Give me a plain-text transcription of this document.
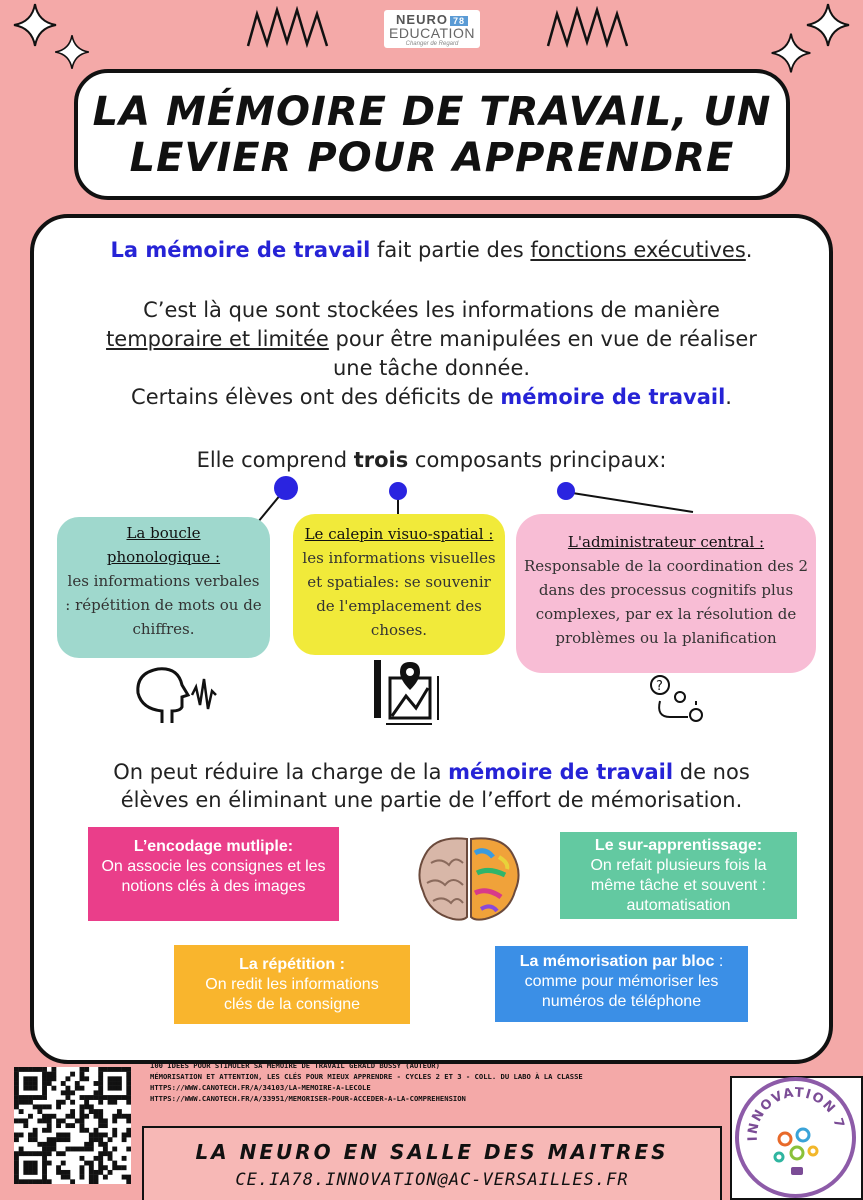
NEURO 78
EDUCATION
Changer de Regard
LA MÉMOIRE DE TRAVAIL, UN
LEVIER POUR APPRENDRE
La mémoire de travail fait partie des fonctions exécutives.
C’est là que sont stockées les informations de manière
temporaire et limitée pour être manipulées en vue de réaliser
une tâche donnée.
Certains élèves ont des déficits de mémoire de travail.
Elle comprend trois composants principaux:
La boucle phonologique :
les informations verbales : répétition de mots ou de chiffres.
Le calepin visuo-spatial :
les informations visuelles et spatiales: se souvenir de l'emplacement des choses.
L'administrateur central :
Responsable de la coordination des 2 dans des processus cognitifs plus complexes, par ex la résolution de problèmes ou la planification
?
On peut réduire la charge de la mémoire de travail de nos
élèves en éliminant une partie de l’effort de mémorisation.
L’encodage mutliple:
On associe les consignes et les notions clés à des images
Le sur-apprentissage:
On refait plusieurs fois la même tâche et souvent : automatisation
La répétition :
On redit les informations clés de la consigne
La mémorisation par bloc :
comme pour mémoriser les numéros de téléphone
100 IDÉES POUR STIMULER SA MÉMOIRE DE TRAVAIL GÉRALD BUSSY (AUTEUR)
MÉMORISATION ET ATTENTION, LES CLÉS POUR MIEUX APPRENDRE - CYCLES 2 ET 3 - COLL. DU LABO À LA CLASSE
HTTPS://WWW.CANOTECH.FR/A/34103/LA-MEMOIRE-A-LECOLE
HTTPS://WWW.CANOTECH.FR/A/33951/MEMORISER-POUR-ACCEDER-A-LA-COMPREHENSION
LA NEURO EN SALLE DES MAITRES
CE.IA78.INNOVATION@AC-VERSAILLES.FR
INNOVATION 7
